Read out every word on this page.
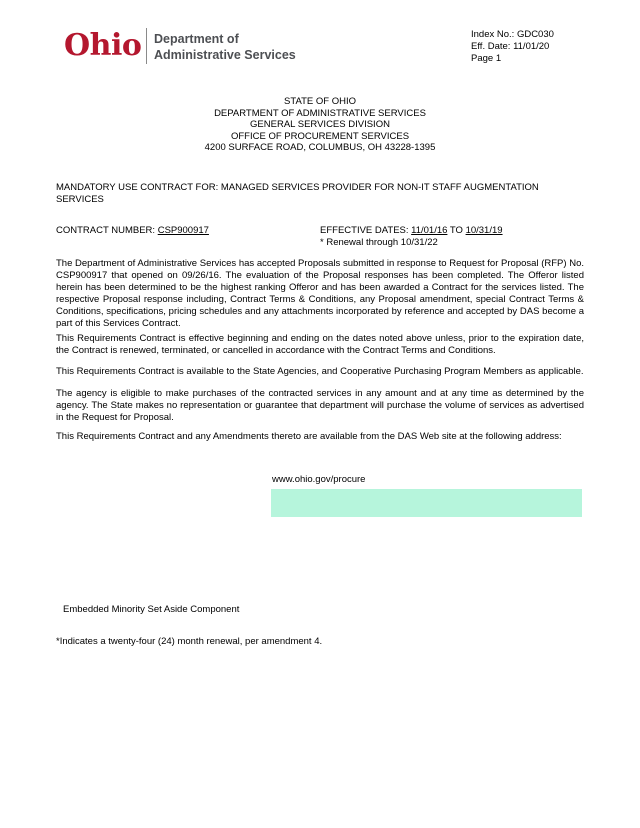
Ohio Department of
Administrative Services
Index No.: GDC030
Eff. Date: 11/01/20
Page 1
STATE OF OHIO
DEPARTMENT OF ADMINISTRATIVE SERVICES
GENERAL SERVICES DIVISION
OFFICE OF PROCUREMENT SERVICES
4200 SURFACE ROAD, COLUMBUS, OH 43228-1395
MANDATORY USE CONTRACT FOR: MANAGED SERVICES PROVIDER FOR NON-IT STAFF AUGMENTATION SERVICES
CONTRACT NUMBER: CSP900917	EFFECTIVE DATES: 11/01/16 TO 10/31/19
* Renewal through 10/31/22
The Department of Administrative Services has accepted Proposals submitted in response to Request for Proposal (RFP) No. CSP900917 that opened on 09/26/16. The evaluation of the Proposal responses has been completed. The Offeror listed herein has been determined to be the highest ranking Offeror and has been awarded a Contract for the services listed. The respective Proposal response including, Contract Terms & Conditions, any Proposal amendment, special Contract Terms & Conditions, specifications, pricing schedules and any attachments incorporated by reference and accepted by DAS become a part of this Services Contract.
This Requirements Contract is effective beginning and ending on the dates noted above unless, prior to the expiration date, the Contract is renewed, terminated, or cancelled in accordance with the Contract Terms and Conditions.
This Requirements Contract is available to the State Agencies, and Cooperative Purchasing Program Members as applicable.
The agency is eligible to make purchases of the contracted services in any amount and at any time as determined by the agency. The State makes no representation or guarantee that department will purchase the volume of services as advertised in the Request for Proposal.
This Requirements Contract and any Amendments thereto are available from the DAS Web site at the following address:
www.ohio.gov/procure
Embedded Minority Set Aside Component
*Indicates a twenty-four (24) month renewal, per amendment 4.
